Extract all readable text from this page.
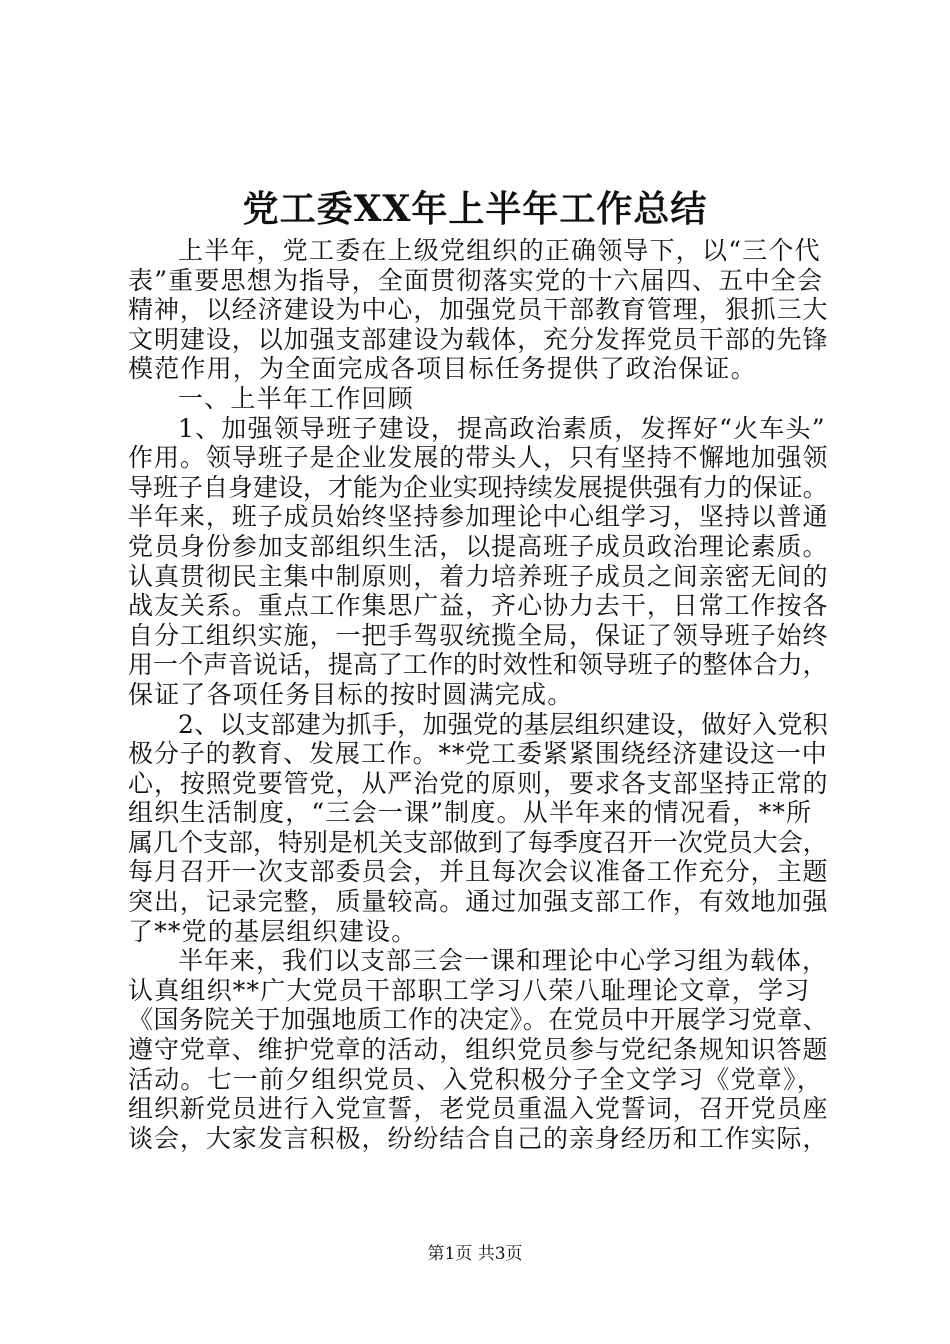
党工委XX年上半年工作总结
上半年，党工委在上级党组织的正确领导下，以“三个代
表”重要思想为指导，全面贯彻落实党的十六届四、五中全会
精神，以经济建设为中心，加强党员干部教育管理，狠抓三大
文明建设，以加强支部建设为载体，充分发挥党员干部的先锋
模范作用，为全面完成各项目标任务提供了政治保证。
一、上半年工作回顾
1、加强领导班子建设，提高政治素质，发挥好“火车头”
作用。领导班子是企业发展的带头人，只有坚持不懈地加强领
导班子自身建设，才能为企业实现持续发展提供强有力的保证。
半年来，班子成员始终坚持参加理论中心组学习，坚持以普通
党员身份参加支部组织生活，以提高班子成员政治理论素质。
认真贯彻民主集中制原则，着力培养班子成员之间亲密无间的
战友关系。重点工作集思广益，齐心协力去干，日常工作按各
自分工组织实施，一把手驾驭统揽全局，保证了领导班子始终
用一个声音说话，提高了工作的时效性和领导班子的整体合力，
保证了各项任务目标的按时圆满完成。
2、以支部建为抓手，加强党的基层组织建设，做好入党积
极分子的教育、发展工作。**党工委紧紧围绕经济建设这一中
心，按照党要管党，从严治党的原则，要求各支部坚持正常的
组织生活制度，“三会一课”制度。从半年来的情况看，**所
属几个支部，特别是机关支部做到了每季度召开一次党员大会，
每月召开一次支部委员会，并且每次会议准备工作充分，主题
突出，记录完整，质量较高。通过加强支部工作，有效地加强
了**党的基层组织建设。
半年来，我们以支部三会一课和理论中心学习组为载体，
认真组织**广大党员干部职工学习八荣八耻理论文章，学习
《国务院关于加强地质工作的决定》。在党员中开展学习党章、
遵守党章、维护党章的活动，组织党员参与党纪条规知识答题
活动。七一前夕组织党员、入党积极分子全文学习《党章》，
组织新党员进行入党宣誓，老党员重温入党誓词，召开党员座
谈会，大家发言积极，纷纷结合自己的亲身经历和工作实际，
第1页 共3页
